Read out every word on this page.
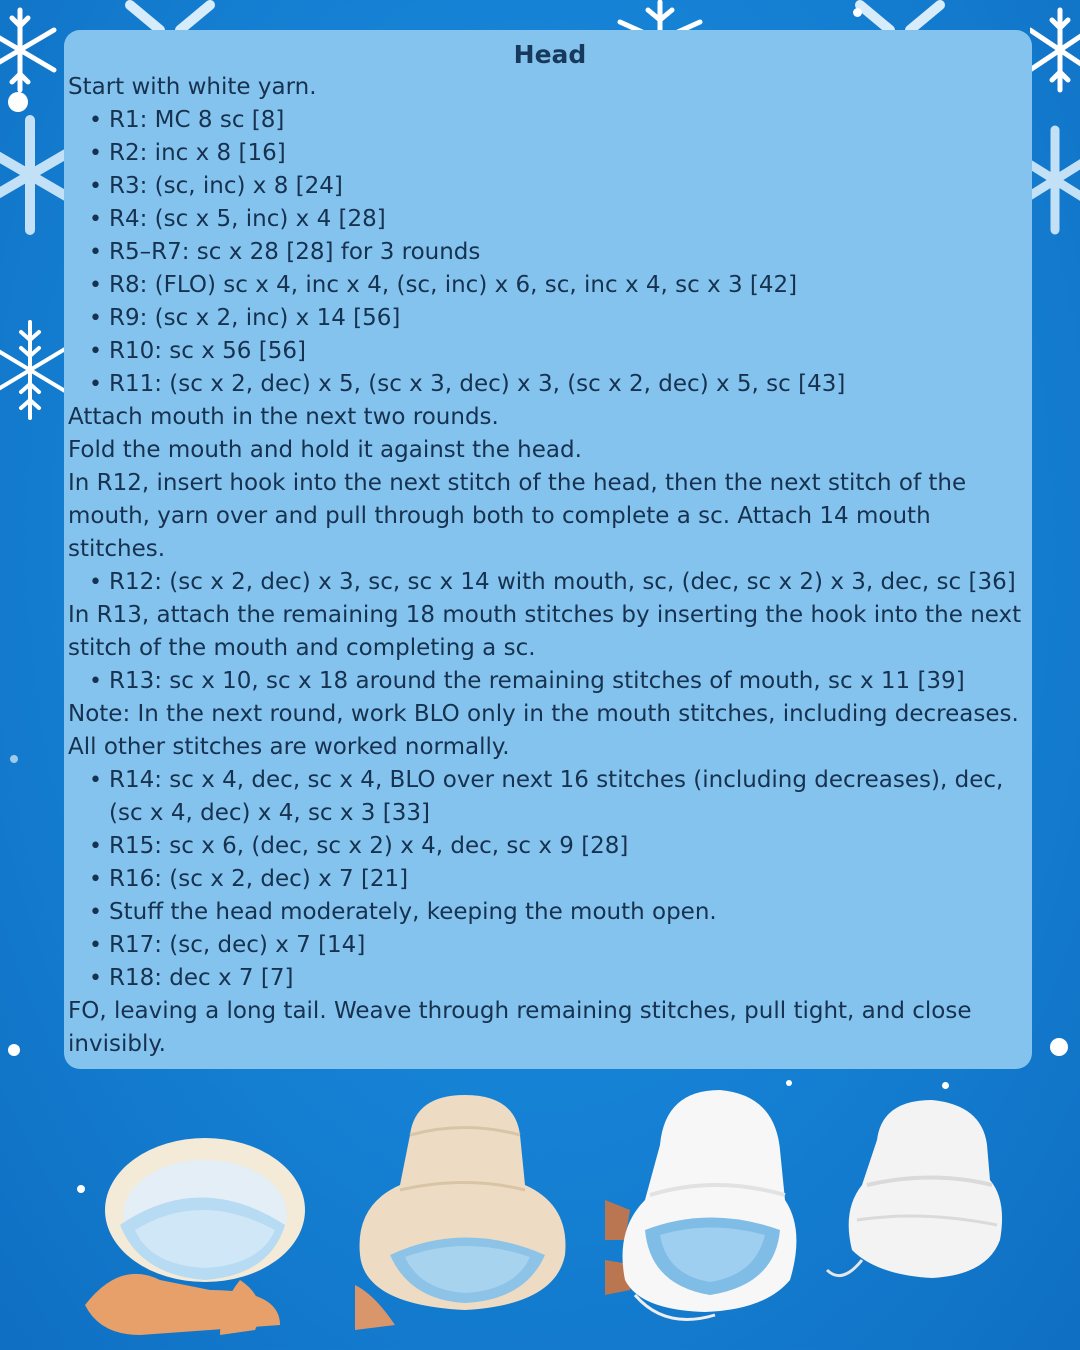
Head
Start with white yarn.
• R1: MC 8 sc [8]
• R2: inc x 8 [16]
• R3: (sc, inc) x 8 [24]
• R4: (sc x 5, inc) x 4 [28]
• R5–R7: sc x 28 [28] for 3 rounds
• R8: (FLO) sc x 4, inc x 4, (sc, inc) x 6, sc, inc x 4, sc x 3 [42]
• R9: (sc x 2, inc) x 14 [56]
• R10: sc x 56 [56]
• R11: (sc x 2, dec) x 5, (sc x 3, dec) x 3, (sc x 2, dec) x 5, sc [43]
Attach mouth in the next two rounds.
Fold the mouth and hold it against the head.
In R12, insert hook into the next stitch of the head, then the next stitch of the mouth, yarn over and pull through both to complete a sc. Attach 14 mouth stitches.
• R12: (sc x 2, dec) x 3, sc, sc x 14 with mouth, sc, (dec, sc x 2) x 3, dec, sc [36]
In R13, attach the remaining 18 mouth stitches by inserting the hook into the next stitch of the mouth and completing a sc.
• R13: sc x 10, sc x 18 around the remaining stitches of mouth, sc x 11 [39]
Note: In the next round, work BLO only in the mouth stitches, including decreases. All other stitches are worked normally.
• R14: sc x 4, dec, sc x 4, BLO over next 16 stitches (including decreases), dec, (sc x 4, dec) x 4, sc x 3 [33]
• R15: sc x 6, (dec, sc x 2) x 4, dec, sc x 9 [28]
• R16: (sc x 2, dec) x 7 [21]
• Stuff the head moderately, keeping the mouth open.
• R17: (sc, dec) x 7 [14]
• R18: dec x 7 [7]
FO, leaving a long tail. Weave through remaining stitches, pull tight, and close invisibly.
